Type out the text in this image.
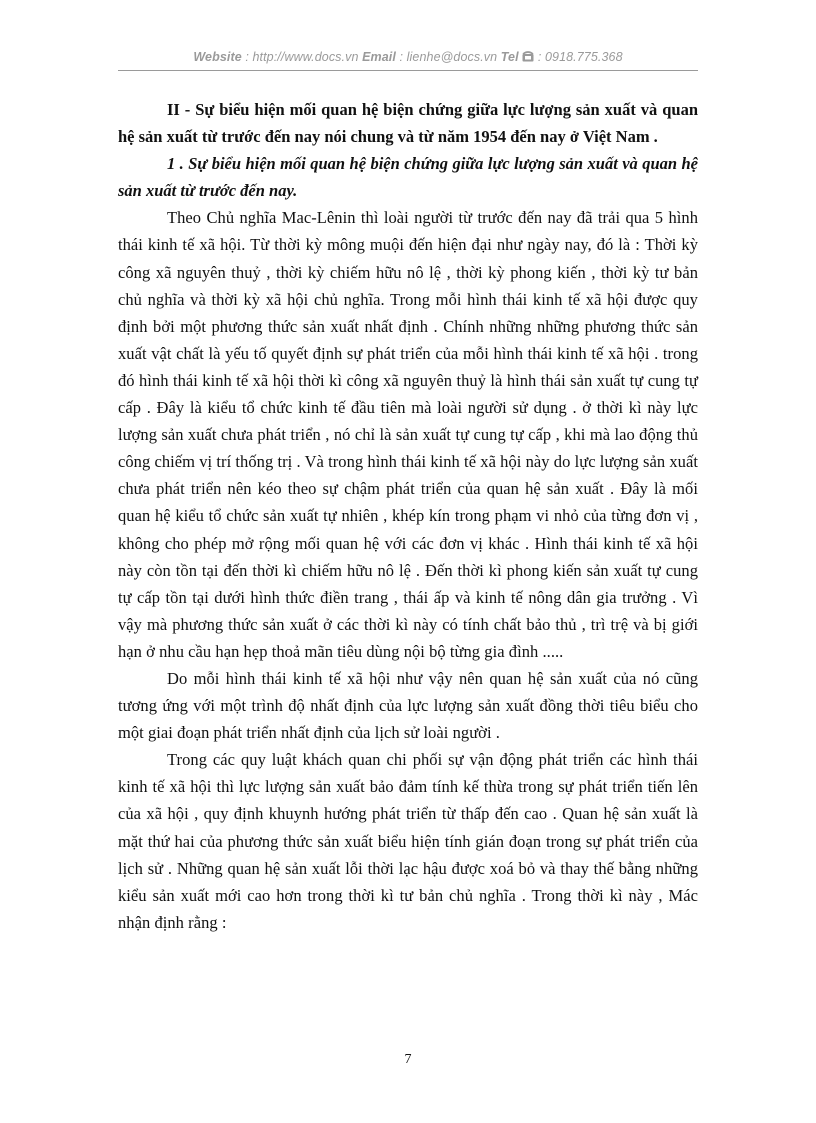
Website : http://www.docs.vn Email : lienhe@docs.vn Tel  : 0918.775.368

II - Sự biểu hiện mối quan hệ biện chứng giữa lực lượng sản xuất và quan hệ sản xuất từ trước đến nay nói chung và từ năm 1954 đến nay ở Việt Nam .

1 . Sự biểu hiện mối quan hệ biện chứng giữa lực lượng sản xuất và quan hệ sản xuất từ trước đến nay.

Theo Chủ nghĩa Mac-Lênin thì loài người từ trước đến nay đã trải qua 5 hình thái kinh tế xã hội. Từ thời kỳ mông muội đến hiện đại như ngày nay, đó là : Thời kỳ công xã nguyên thuỷ , thời kỳ chiếm hữu nô lệ , thời kỳ phong kiến , thời kỳ tư bản chủ nghĩa và thời kỳ xã hội chủ nghĩa. Trong mỗi hình thái kinh tế xã hội được quy định bởi một phương thức sản xuất nhất định . Chính những những phương thức sản xuất vật chất là yếu tố quyết định sự phát triển của mỗi hình thái kinh tế xã hội . trong đó hình thái kinh tế xã hội thời kì công xã nguyên thuỷ là hình thái sản xuất tự cung tự cấp . Đây là kiểu tổ chức kinh tế đầu tiên mà loài người sử dụng . ở thời kì này lực lượng sản xuất chưa phát triển , nó chỉ là sản xuất tự cung tự cấp , khi mà lao động thủ công chiếm vị trí thống trị . Và trong hình thái kinh tế xã hội này do lực lượng sản xuất chưa phát triển nên kéo theo sự chậm phát triển của quan hệ sản xuất . Đây là mối quan hệ kiểu tổ chức sản xuất tự nhiên , khép kín trong phạm vi nhỏ của từng đơn vị , không cho phép mở rộng mối quan hệ với các đơn vị khác . Hình thái kinh tế xã hội này còn tồn tại đến thời kì chiếm hữu nô lệ . Đến thời kì phong kiến sản xuất tự cung tự cấp tồn tại dưới hình thức điền trang , thái ấp và kinh tế nông dân gia trưởng . Vì vậy mà phương thức sản xuất ở các thời kì này có tính chất bảo thủ , trì trệ và bị giới hạn ở nhu cầu hạn hẹp thoả mãn tiêu dùng nội bộ từng gia đình .....

Do mỗi hình thái kinh tế xã hội như vậy nên quan hệ sản xuất của nó cũng tương ứng với một trình độ nhất định của lực lượng sản xuất đồng thời tiêu biểu cho một giai đoạn phát triển nhất định của lịch sử loài người .

Trong các quy luật khách quan chi phối sự vận động phát triển các hình thái kinh tế xã hội thì lực lượng sản xuất bảo đảm tính kế thừa trong sự phát triển tiến lên của xã hội , quy định khuynh hướng phát triển từ thấp đến cao . Quan hệ sản xuất là mặt thứ hai của phương thức sản xuất biểu hiện tính gián đoạn trong sự phát triển của lịch sử . Những quan hệ sản xuất lỗi thời lạc hậu được xoá bỏ và thay thế bằng những kiểu sản xuất mới cao hơn trong thời kì tư bản chủ nghĩa . Trong thời kì này , Mác nhận định rằng :

7
